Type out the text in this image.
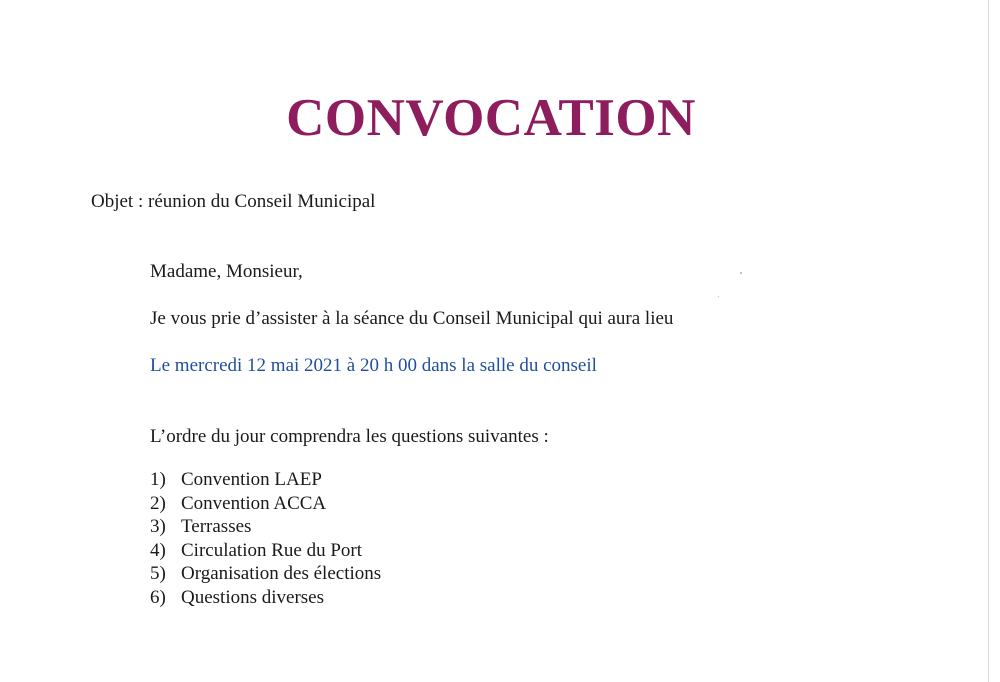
CONVOCATION
Objet : réunion du Conseil Municipal
Madame, Monsieur,
Je vous prie d’assister à la séance du Conseil Municipal qui aura lieu
Le mercredi 12 mai 2021 à 20 h 00 dans la salle du conseil
L’ordre du jour comprendra les questions suivantes :
1) Convention LAEP
2) Convention ACCA
3) Terrasses
4) Circulation Rue du Port
5) Organisation des élections
6) Questions diverses
